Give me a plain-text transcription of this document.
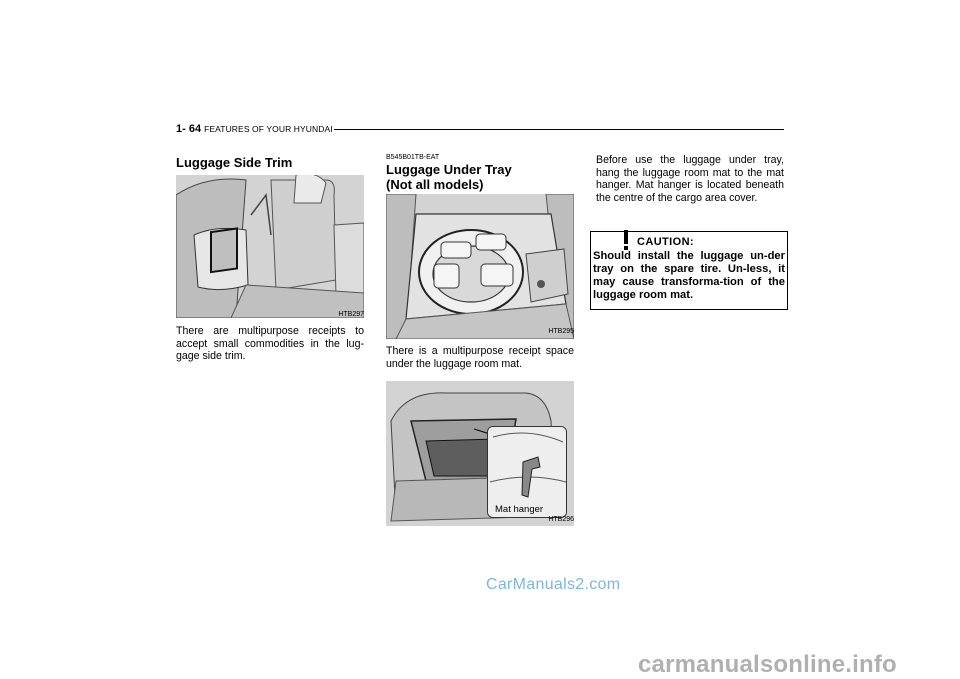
1- 64 FEATURES OF YOUR HYUNDAI
Luggage Side Trim
HTB297
There are multipurpose receipts to accept small commodities in the lug-gage side trim.
B545B01TB-EAT
Luggage Under Tray
(Not all models)
HTB295
There is a multipurpose receipt space under the luggage room mat.
Mat hanger
HTB296
Before use the luggage under tray, hang the luggage room mat to the mat hanger. Mat hanger is located beneath the centre of the cargo area cover.
CAUTION:
Should install the luggage un-der tray on the spare tire. Un-less, it may cause transforma-tion of the luggage room mat.
CarManuals2.com
carmanualsonline.info
